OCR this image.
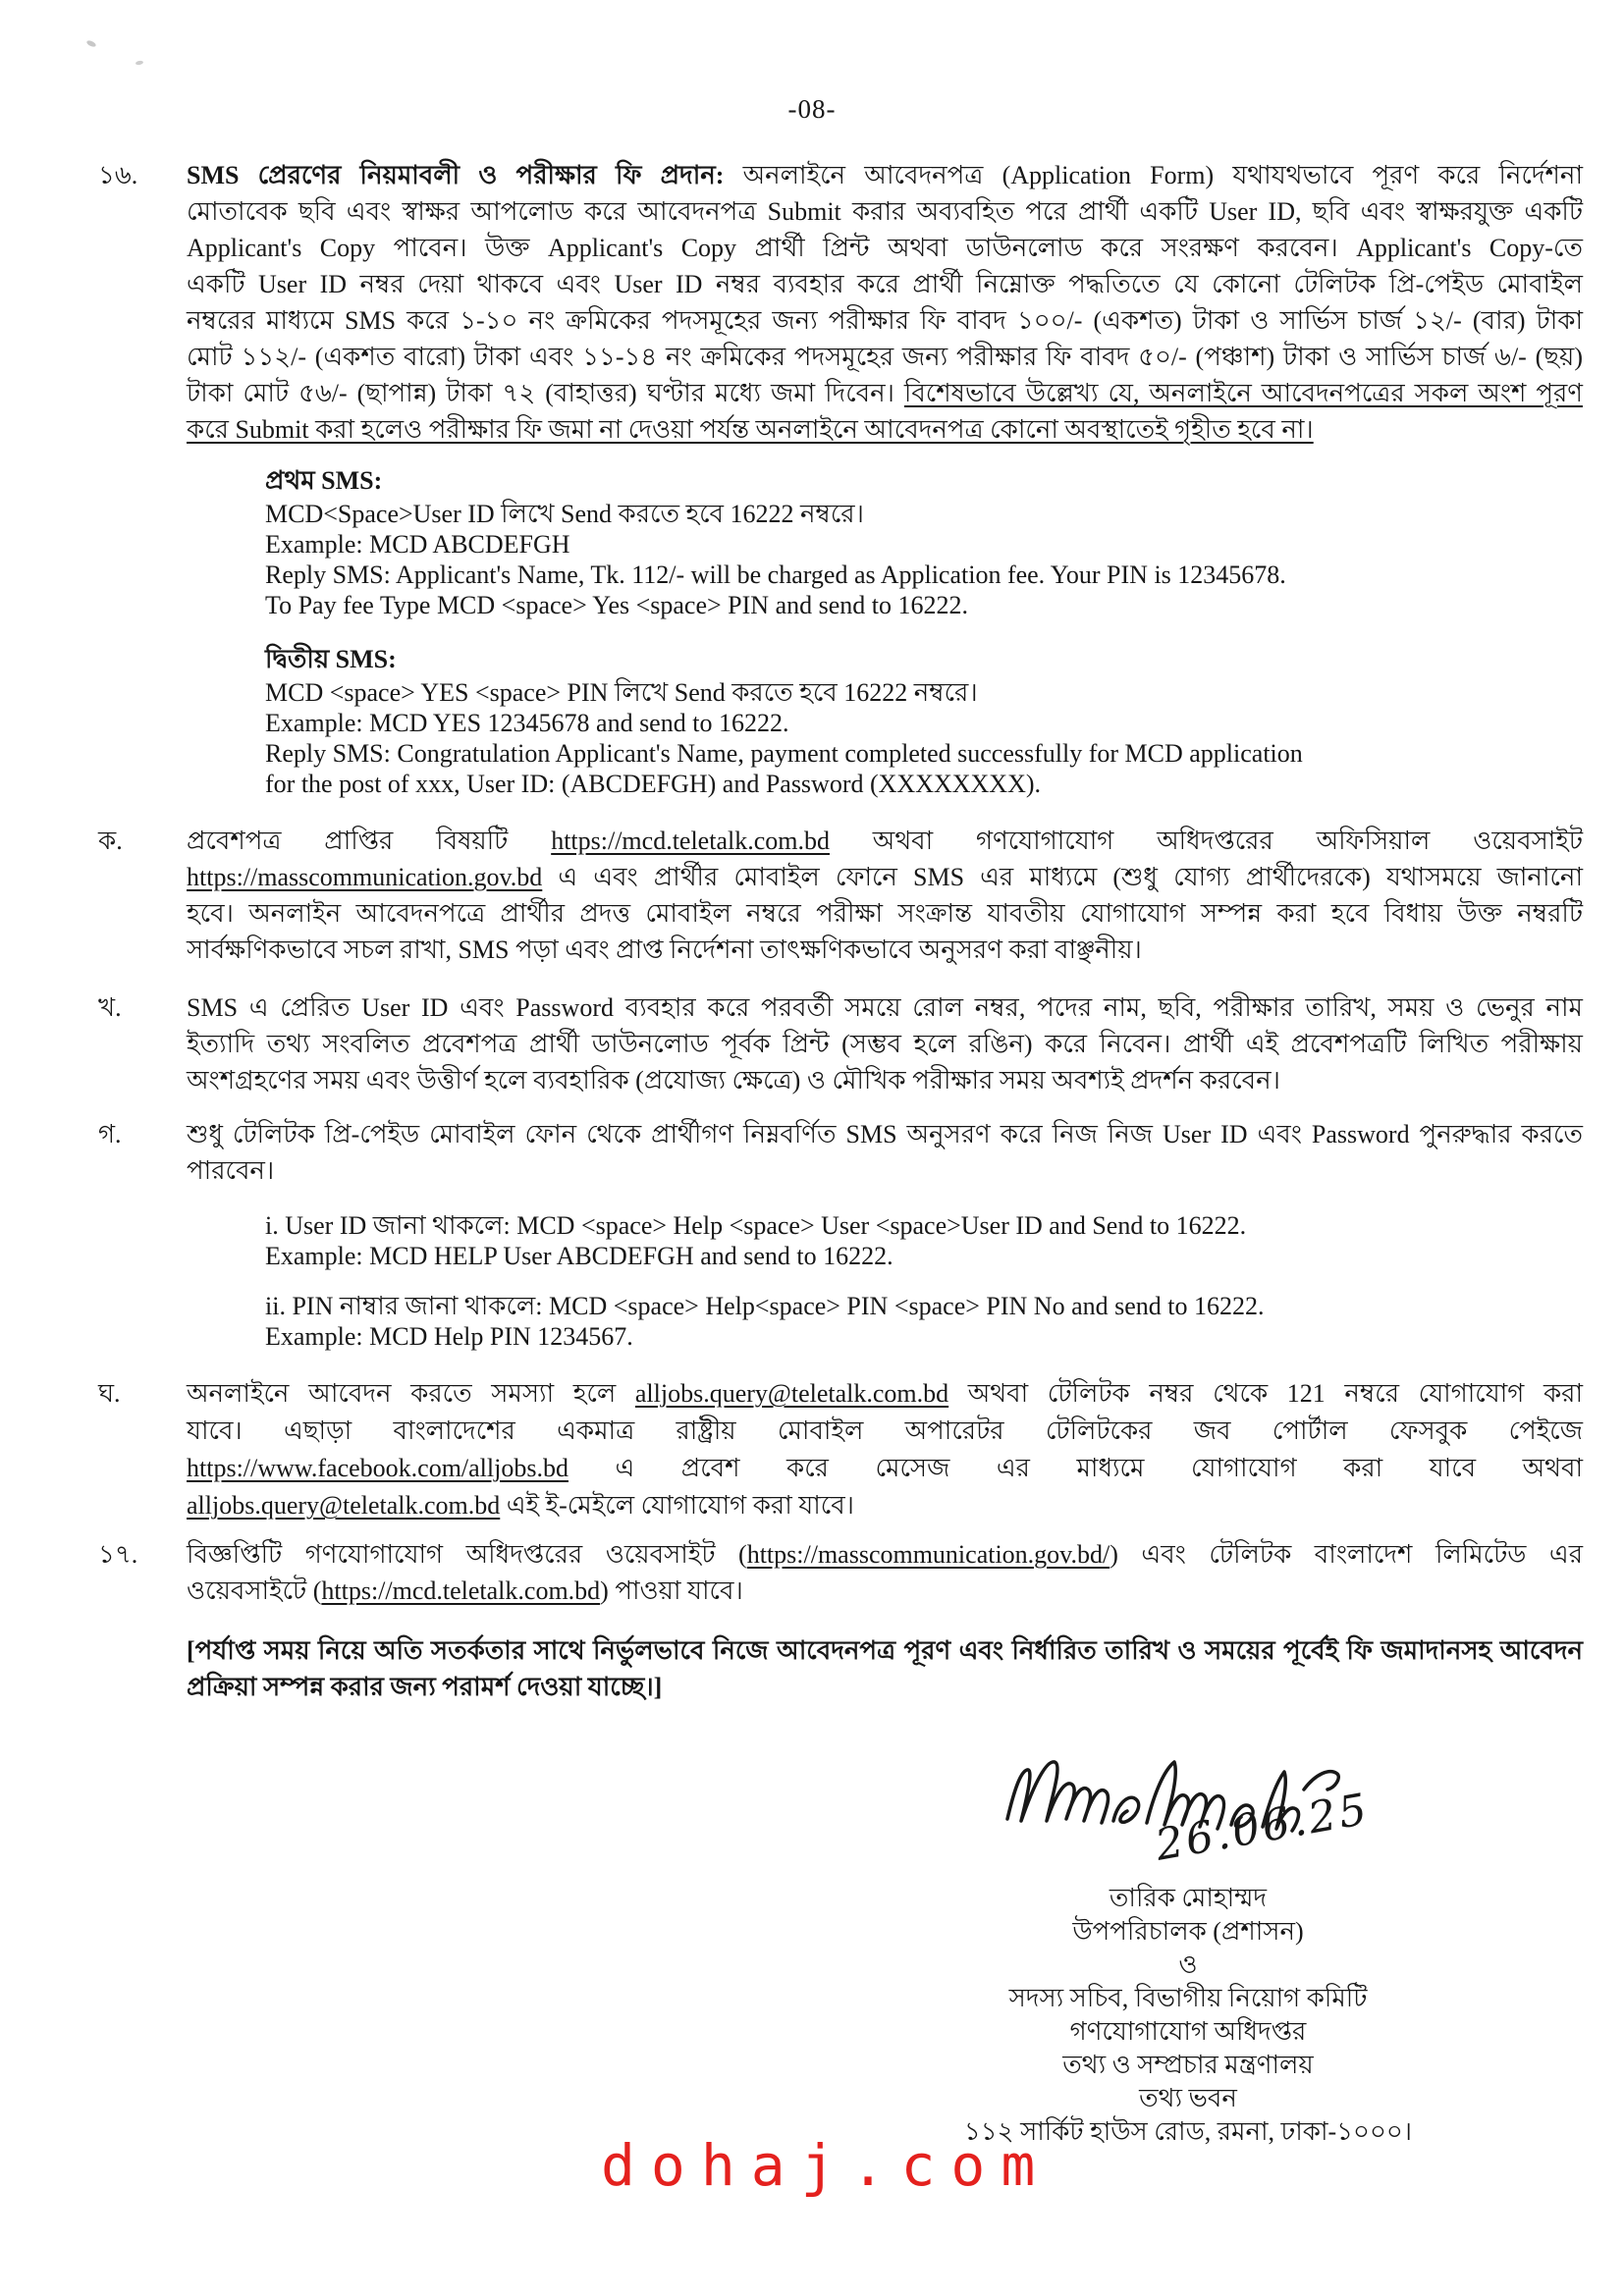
-08-
১৬.	SMS প্রেরণের নিয়মাবলী ও পরীক্ষার ফি প্রদান: অনলাইনে আবেদনপত্র (Application Form) যথাযথভাবে পূরণ করে নির্দেশনা
মোতাবেক ছবি এবং স্বাক্ষর আপলোড করে আবেদনপত্র Submit করার অব্যবহিত পরে প্রার্থী একটি User ID, ছবি এবং স্বাক্ষরযুক্ত একটি
Applicant's Copy পাবেন। উক্ত Applicant's Copy প্রার্থী প্রিন্ট অথবা ডাউনলোড করে সংরক্ষণ করবেন। Applicant's Copy-তে
একটি User ID নম্বর দেয়া থাকবে এবং User ID নম্বর ব্যবহার করে প্রার্থী নিম্নোক্ত পদ্ধতিতে যে কোনো টেলিটক প্রি-পেইড মোবাইল
নম্বরের মাধ্যমে SMS করে ১-১০ নং ক্রমিকের পদসমূহের জন্য পরীক্ষার ফি বাবদ ১০০/- (একশত) টাকা ও সার্ভিস চার্জ ১২/- (বার) টাকা
মোট ১১২/- (একশত বারো) টাকা এবং ১১-১৪ নং ক্রমিকের পদসমূহের জন্য পরীক্ষার ফি বাবদ ৫০/- (পঞ্চাশ) টাকা ও সার্ভিস চার্জ ৬/- (ছয়)
টাকা মোট ৫৬/- (ছাপান্ন) টাকা ৭২ (বাহাত্তর) ঘণ্টার মধ্যে জমা দিবেন। বিশেষভাবে উল্লেখ্য যে, অনলাইনে আবেদনপত্রের সকল অংশ পূরণ
করে Submit করা হলেও পরীক্ষার ফি জমা না দেওয়া পর্যন্ত অনলাইনে আবেদনপত্র কোনো অবস্থাতেই গৃহীত হবে না।
প্রথম SMS:
MCD<Space>User ID লিখে Send করতে হবে 16222 নম্বরে।
Example: MCD ABCDEFGH
Reply SMS: Applicant's Name, Tk. 112/- will be charged as Application fee. Your PIN is 12345678.
To Pay fee Type MCD <space> Yes <space> PIN and send to 16222.
দ্বিতীয় SMS:
MCD <space> YES <space> PIN লিখে Send করতে হবে 16222 নম্বরে।
Example: MCD YES 12345678 and send to 16222.
Reply SMS: Congratulation Applicant's Name, payment completed successfully for MCD application
for the post of xxx, User ID: (ABCDEFGH) and Password (XXXXXXXX).
ক.	প্রবেশপত্র প্রাপ্তির বিষয়টি https://mcd.teletalk.com.bd অথবা গণযোগাযোগ অধিদপ্তরের অফিসিয়াল ওয়েবসাইট
https://masscommunication.gov.bd এ এবং প্রার্থীর মোবাইল ফোনে SMS এর মাধ্যমে (শুধু যোগ্য প্রার্থীদেরকে) যথাসময়ে জানানো
হবে। অনলাইন আবেদনপত্রে প্রার্থীর প্রদত্ত মোবাইল নম্বরে পরীক্ষা সংক্রান্ত যাবতীয় যোগাযোগ সম্পন্ন করা হবে বিধায় উক্ত নম্বরটি
সার্বক্ষণিকভাবে সচল রাখা, SMS পড়া এবং প্রাপ্ত নির্দেশনা তাৎক্ষণিকভাবে অনুসরণ করা বাঞ্ছনীয়।
খ.	SMS এ প্রেরিত User ID এবং Password ব্যবহার করে পরবর্তী সময়ে রোল নম্বর, পদের নাম, ছবি, পরীক্ষার তারিখ, সময় ও ভেনুর নাম
ইত্যাদি তথ্য সংবলিত প্রবেশপত্র প্রার্থী ডাউনলোড পূর্বক প্রিন্ট (সম্ভব হলে রঙিন) করে নিবেন। প্রার্থী এই প্রবেশপত্রটি লিখিত পরীক্ষায়
অংশগ্রহণের সময় এবং উত্তীর্ণ হলে ব্যবহারিক (প্রযোজ্য ক্ষেত্রে) ও মৌখিক পরীক্ষার সময় অবশ্যই প্রদর্শন করবেন।
গ.	শুধু টেলিটক প্রি-পেইড মোবাইল ফোন থেকে প্রার্থীগণ নিম্নবর্ণিত SMS অনুসরণ করে নিজ নিজ User ID এবং Password পুনরুদ্ধার করতে
পারবেন।
i. User ID জানা থাকলে: MCD <space> Help <space> User <space>User ID and Send to 16222.
Example: MCD HELP User ABCDEFGH and send to 16222.
ii. PIN নাম্বার জানা থাকলে: MCD <space> Help<space> PIN <space> PIN No and send to 16222.
Example: MCD Help PIN 1234567.
ঘ.	অনলাইনে আবেদন করতে সমস্যা হলে alljobs.query@teletalk.com.bd অথবা টেলিটক নম্বর থেকে 121 নম্বরে যোগাযোগ করা
যাবে। এছাড়া বাংলাদেশের একমাত্র রাষ্ট্রীয় মোবাইল অপারেটর টেলিটকের জব পোর্টাল ফেসবুক পেইজে
https://www.facebook.com/alljobs.bd এ প্রবেশ করে মেসেজ এর মাধ্যমে যোগাযোগ করা যাবে অথবা
alljobs.query@teletalk.com.bd এই ই-মেইলে যোগাযোগ করা যাবে।
১৭.	বিজ্ঞপ্তিটি গণযোগাযোগ অধিদপ্তরের ওয়েবসাইট (https://masscommunication.gov.bd/) এবং টেলিটক বাংলাদেশ লিমিটেড এর
ওয়েবসাইটে (https://mcd.teletalk.com.bd) পাওয়া যাবে।
[পর্যাপ্ত সময় নিয়ে অতি সতর্কতার সাথে নির্ভুলভাবে নিজে আবেদনপত্র পূরণ এবং নির্ধারিত তারিখ ও সময়ের পূর্বেই ফি জমাদানসহ আবেদন
প্রক্রিয়া সম্পন্ন করার জন্য পরামর্শ দেওয়া যাচ্ছে।]
26.06.25
তারিক মোহাম্মদ
উপপরিচালক (প্রশাসন)
ও
সদস্য সচিব, বিভাগীয় নিয়োগ কমিটি
গণযোগাযোগ অধিদপ্তর
তথ্য ও সম্প্রচার মন্ত্রণালয়
তথ্য ভবন
১১২ সার্কিট হাউস রোড, রমনা, ঢাকা-১০০০।
dohaj.com
